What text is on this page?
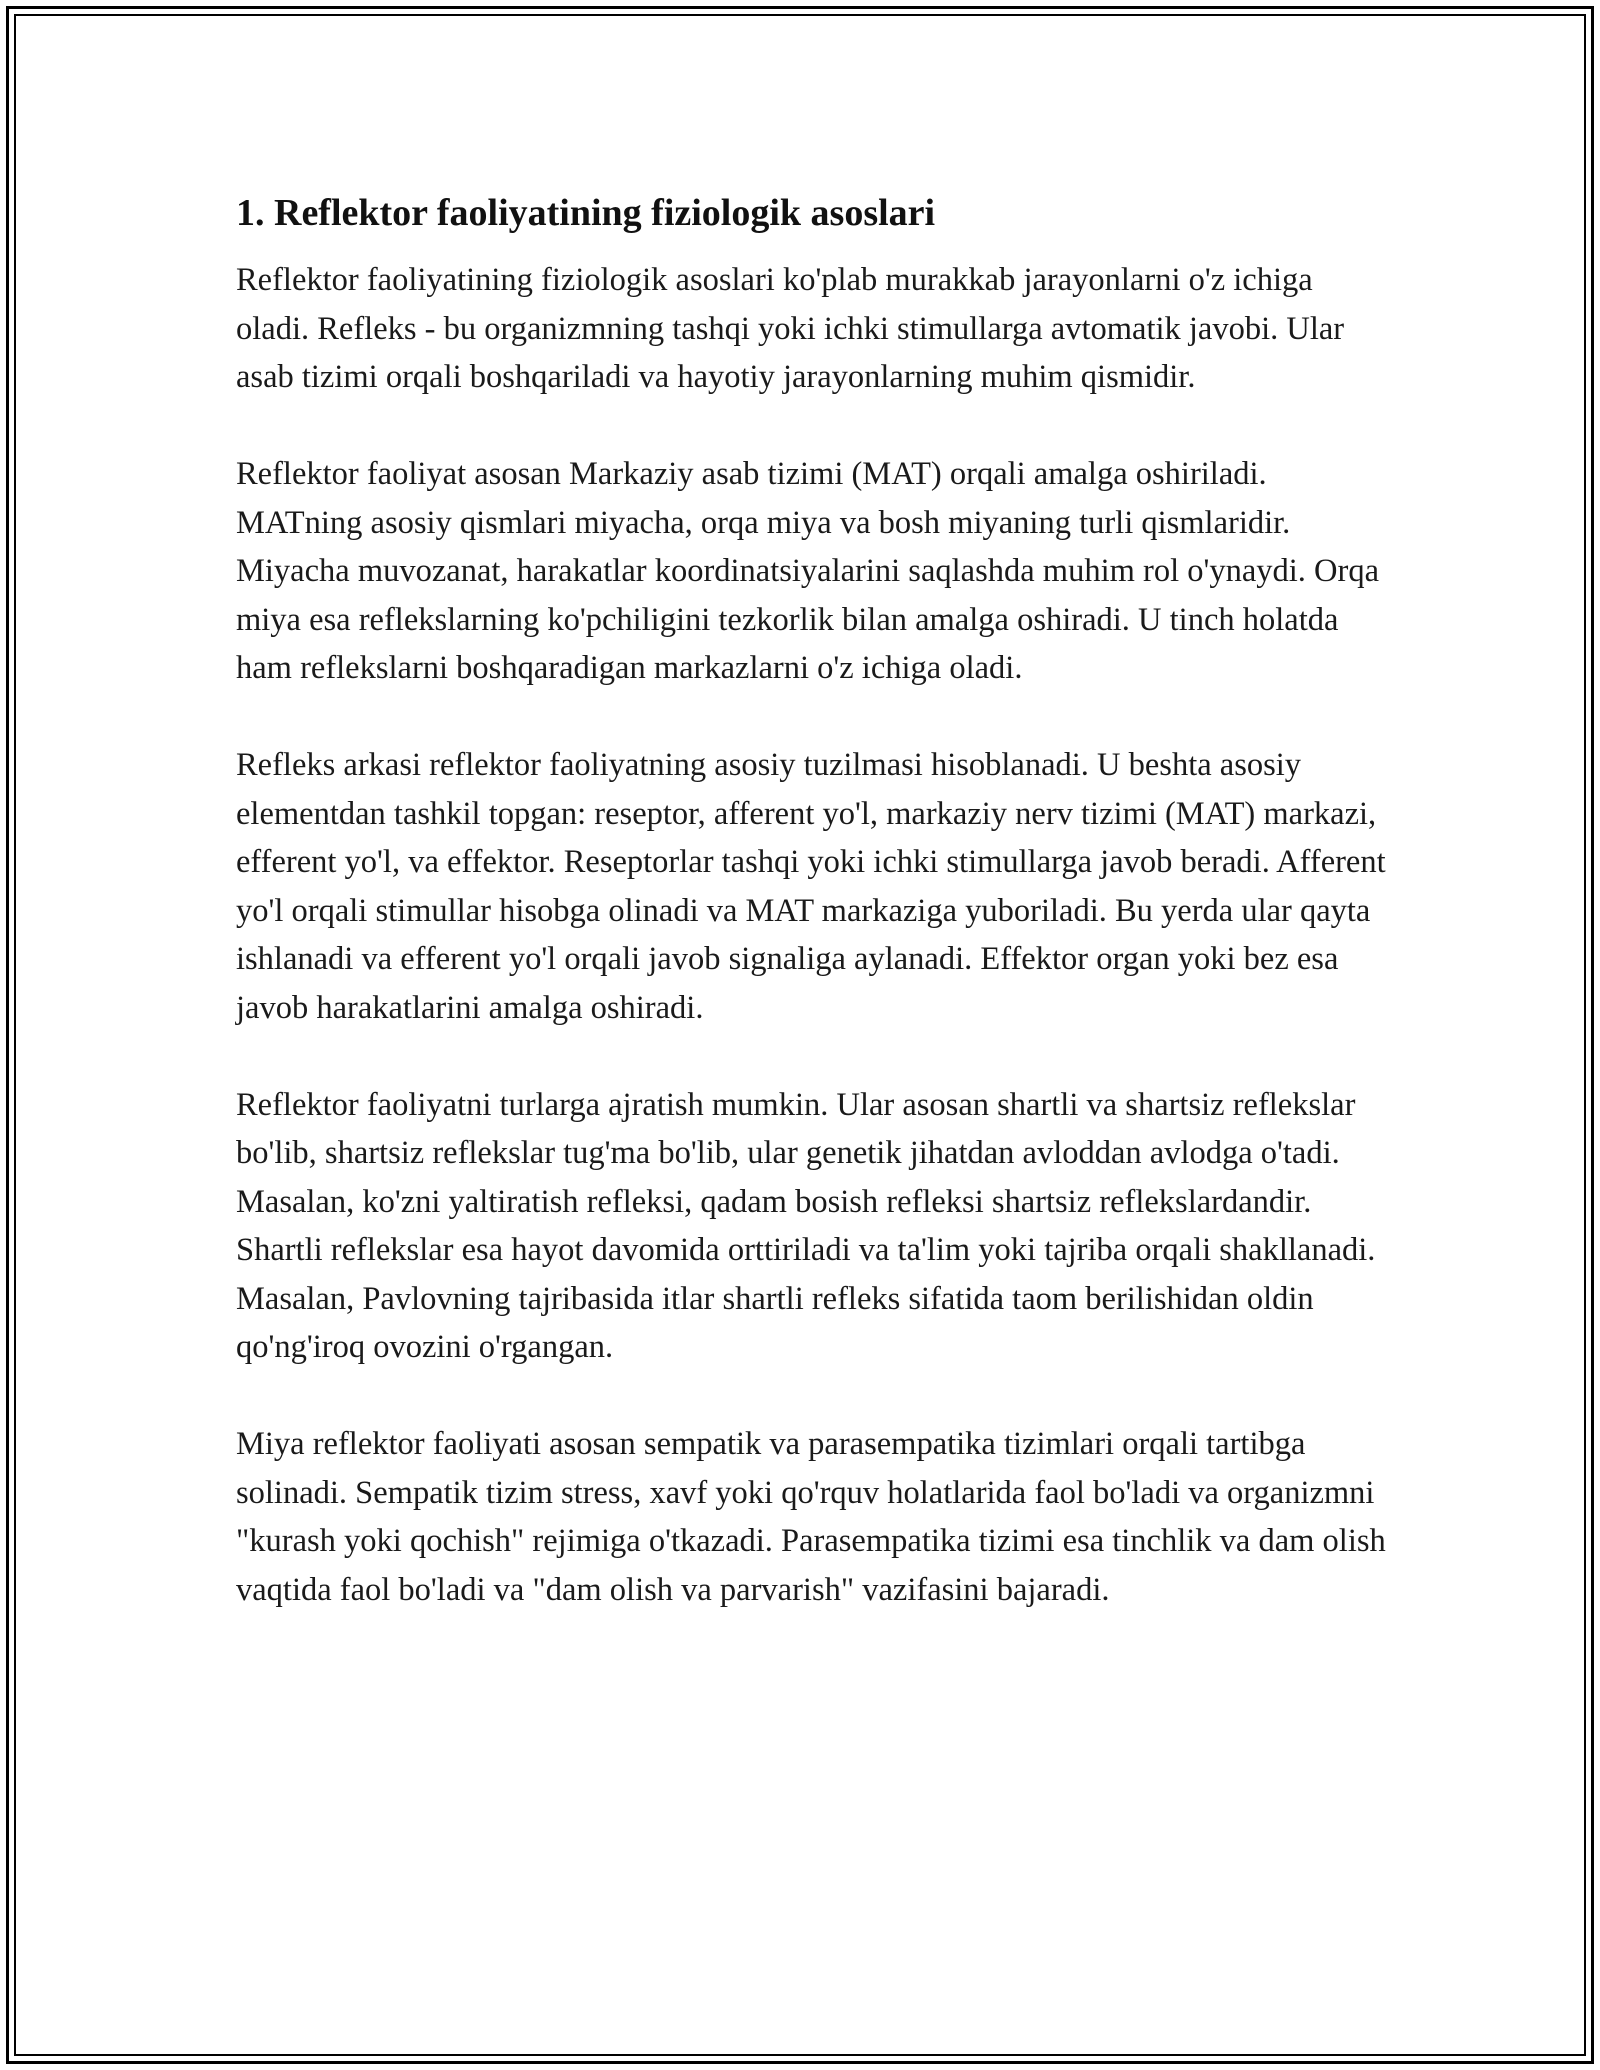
1. Reflektor faoliyatining fiziologik asoslari

Reflektor faoliyatining fiziologik asoslari ko'plab murakkab jarayonlarni o'z ichiga oladi. Refleks - bu organizmning tashqi yoki ichki stimullarga avtomatik javobi. Ular asab tizimi orqali boshqariladi va hayotiy jarayonlarning muhim qismidir.

Reflektor faoliyat asosan Markaziy asab tizimi (MAT) orqali amalga oshiriladi. MATning asosiy qismlari miyacha, orqa miya va bosh miyaning turli qismlaridir. Miyacha muvozanat, harakatlar koordinatsiyalarini saqlashda muhim rol o'ynaydi. Orqa miya esa reflekslarning ko'pchiligini tezkorlik bilan amalga oshiradi. U tinch holatda ham reflekslarni boshqaradigan markazlarni o'z ichiga oladi.

Refleks arkasi reflektor faoliyatning asosiy tuzilmasi hisoblanadi. U beshta asosiy elementdan tashkil topgan: reseptor, afferent yo'l, markaziy nerv tizimi (MAT) markazi, efferent yo'l, va effektor. Reseptorlar tashqi yoki ichki stimullarga javob beradi. Afferent yo'l orqali stimullar hisobga olinadi va MAT markaziga yuboriladi. Bu yerda ular qayta ishlanadi va efferent yo'l orqali javob signaliga aylanadi. Effektor organ yoki bez esa javob harakatlarini amalga oshiradi.

Reflektor faoliyatni turlarga ajratish mumkin. Ular asosan shartli va shartsiz reflekslar bo'lib, shartsiz reflekslar tug'ma bo'lib, ular genetik jihatdan avloddan avlodga o'tadi. Masalan, ko'zni yaltiratish refleksi, qadam bosish refleksi shartsiz reflekslardandir. Shartli reflekslar esa hayot davomida orttiriladi va ta'lim yoki tajriba orqali shakllanadi. Masalan, Pavlovning tajribasida itlar shartli refleks sifatida taom berilishidan oldin qo'ng'iroq ovozini o'rgangan.

Miya reflektor faoliyati asosan sempatik va parasempatika tizimlari orqali tartibga solinadi. Sempatik tizim stress, xavf yoki qo'rquv holatlarida faol bo'ladi va organizmni "kurash yoki qochish" rejimiga o'tkazadi. Parasempatika tizimi esa tinchlik va dam olish vaqtida faol bo'ladi va "dam olish va parvarish" vazifasini bajaradi.
